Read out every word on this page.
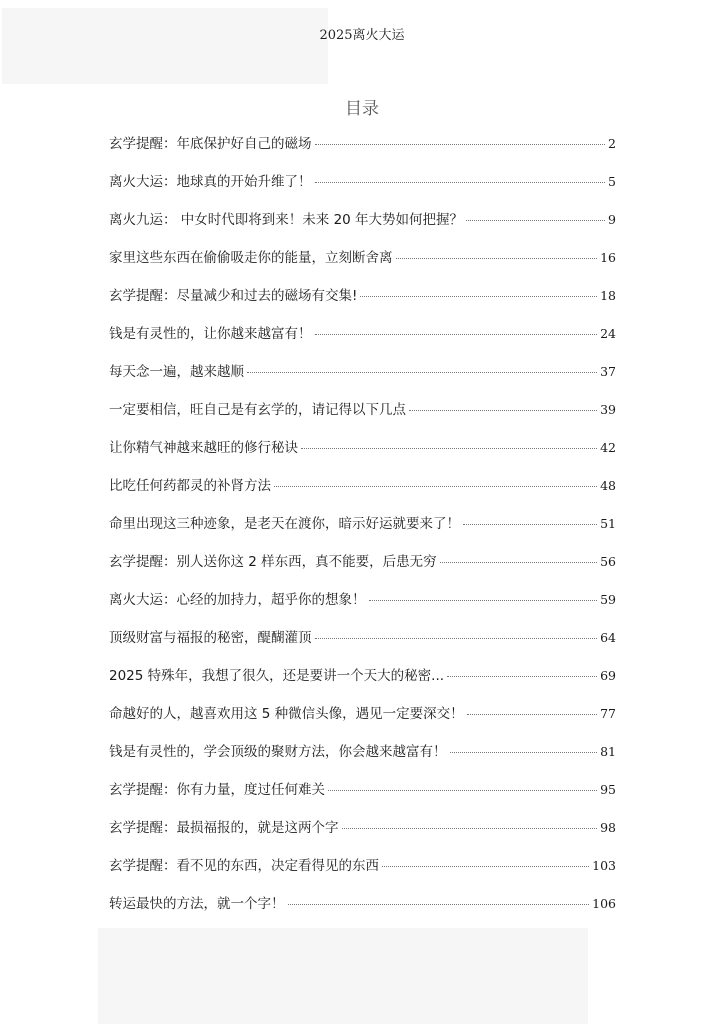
2025离火大运
目录
玄学提醒：年底保护好自己的磁场	2
离火大运：地球真的开始升维了！	5
离火九运： 中女时代即将到来！未来 20 年大势如何把握？	9
家里这些东西在偷偷吸走你的能量，立刻断舍离	16
玄学提醒：尽量减少和过去的磁场有交集!	18
钱是有灵性的，让你越来越富有！	24
每天念一遍，越来越顺	37
一定要相信，旺自己是有玄学的，请记得以下几点	39
让你精气神越来越旺的修行秘诀	42
比吃任何药都灵的补肾方法	48
命里出现这三种迹象，是老天在渡你，暗示好运就要来了！	51
玄学提醒：别人送你这 2 样东西，真不能要，后患无穷	56
离火大运：心经的加持力，超乎你的想象！	59
顶级财富与福报的秘密，醍醐灌顶	64
2025 特殊年，我想了很久，还是要讲一个天大的秘密...	69
命越好的人，越喜欢用这 5 种微信头像，遇见一定要深交！	77
钱是有灵性的，学会顶级的聚财方法，你会越来越富有！	81
玄学提醒：你有力量，度过任何难关	95
玄学提醒：最损福报的，就是这两个字	98
玄学提醒：看不见的东西，决定看得见的东西	103
转运最快的方法，就一个字！	106
